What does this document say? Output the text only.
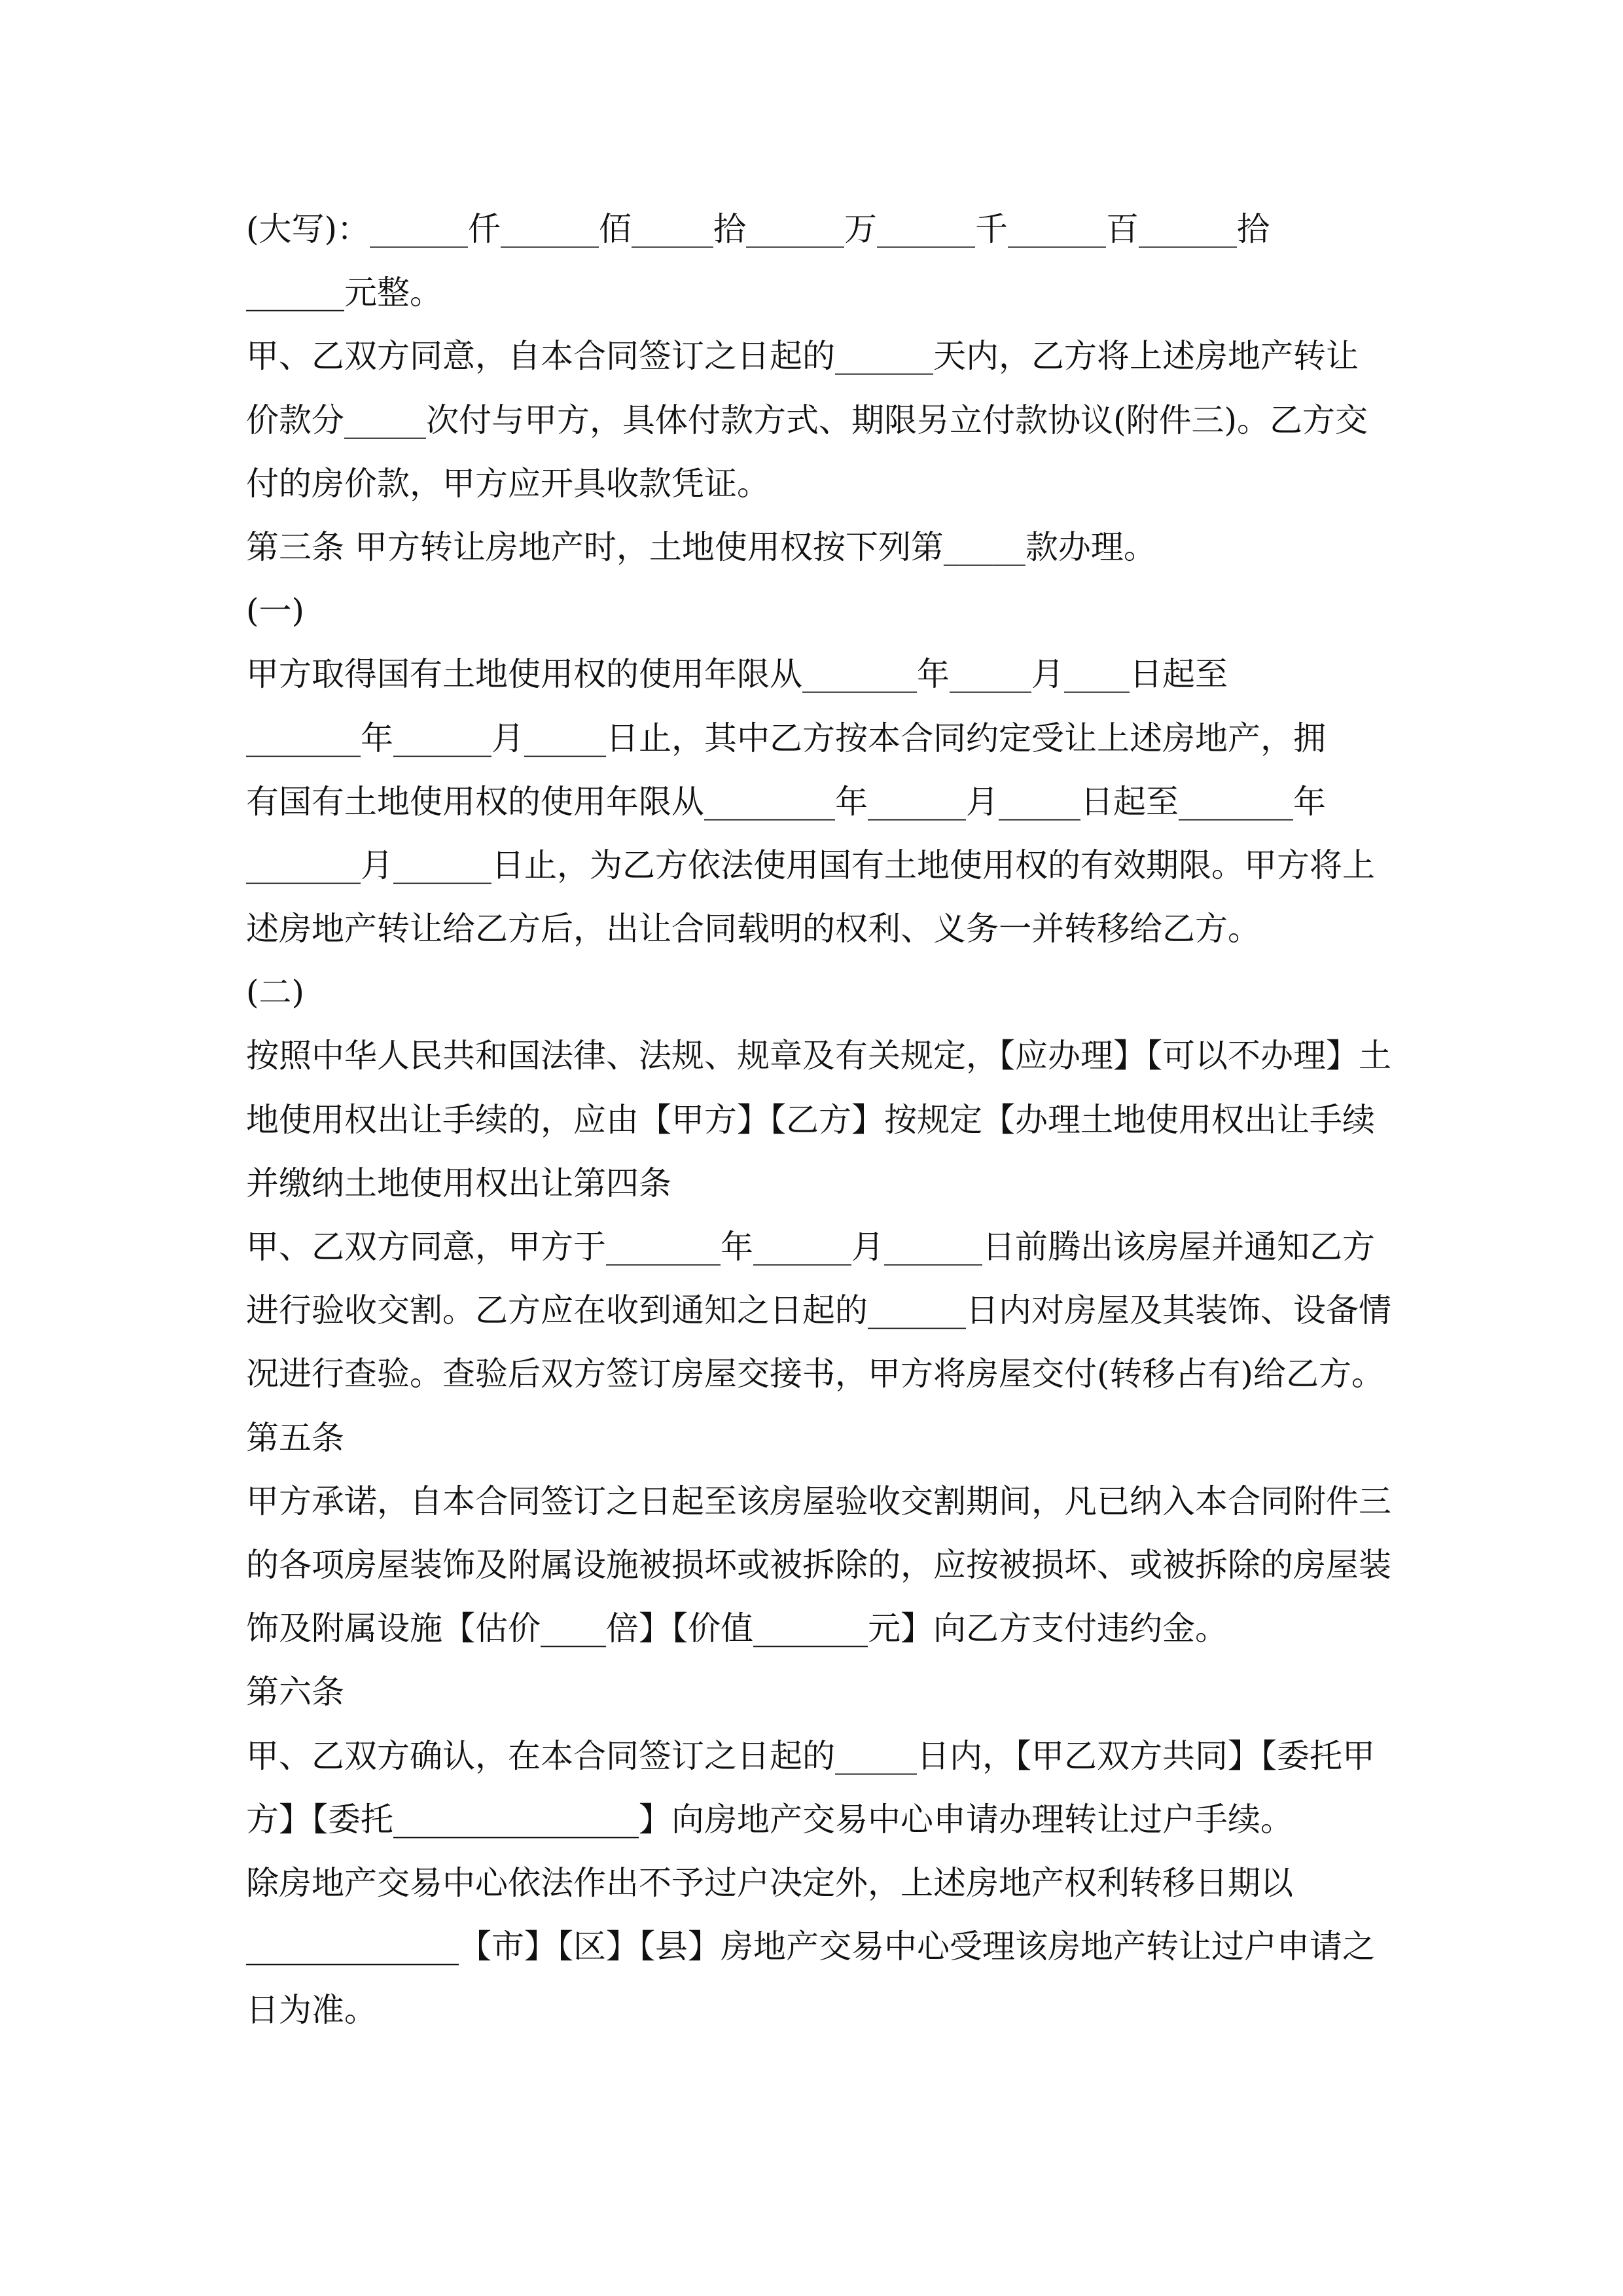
(大写)：______仟______佰_____拾______万______千______百______拾
______元整。
甲、乙双方同意，自本合同签订之日起的______天内，乙方将上述房地产转让
价款分_____次付与甲方，具体付款方式、期限另立付款协议(附件三)。乙方交
付的房价款，甲方应开具收款凭证。
第三条 甲方转让房地产时，土地使用权按下列第_____款办理。
(一)
甲方取得国有土地使用权的使用年限从_______年_____月____日起至
_______年______月_____日止，其中乙方按本合同约定受让上述房地产，拥
有国有土地使用权的使用年限从________年______月_____日起至_______年
_______月______日止，为乙方依法使用国有土地使用权的有效期限。甲方将上
述房地产转让给乙方后，出让合同载明的权利、义务一并转移给乙方。
(二)
按照中华人民共和国法律、法规、规章及有关规定，【应办理】【可以不办理】土
地使用权出让手续的，应由【甲方】【乙方】按规定【办理土地使用权出让手续
并缴纳土地使用权出让第四条
甲、乙双方同意，甲方于_______年______月______日前腾出该房屋并通知乙方
进行验收交割。乙方应在收到通知之日起的______日内对房屋及其装饰、设备情
况进行查验。查验后双方签订房屋交接书，甲方将房屋交付(转移占有)给乙方。
第五条
甲方承诺，自本合同签订之日起至该房屋验收交割期间，凡已纳入本合同附件三
的各项房屋装饰及附属设施被损坏或被拆除的，应按被损坏、或被拆除的房屋装
饰及附属设施【估价____倍】【价值_______元】向乙方支付违约金。
第六条
甲、乙双方确认，在本合同签订之日起的_____日内，【甲乙双方共同】【委托甲
方】【委托_______________】向房地产交易中心申请办理转让过户手续。
除房地产交易中心依法作出不予过户决定外，上述房地产权利转移日期以
_____________【市】【区】【县】房地产交易中心受理该房地产转让过户申请之
日为准。
